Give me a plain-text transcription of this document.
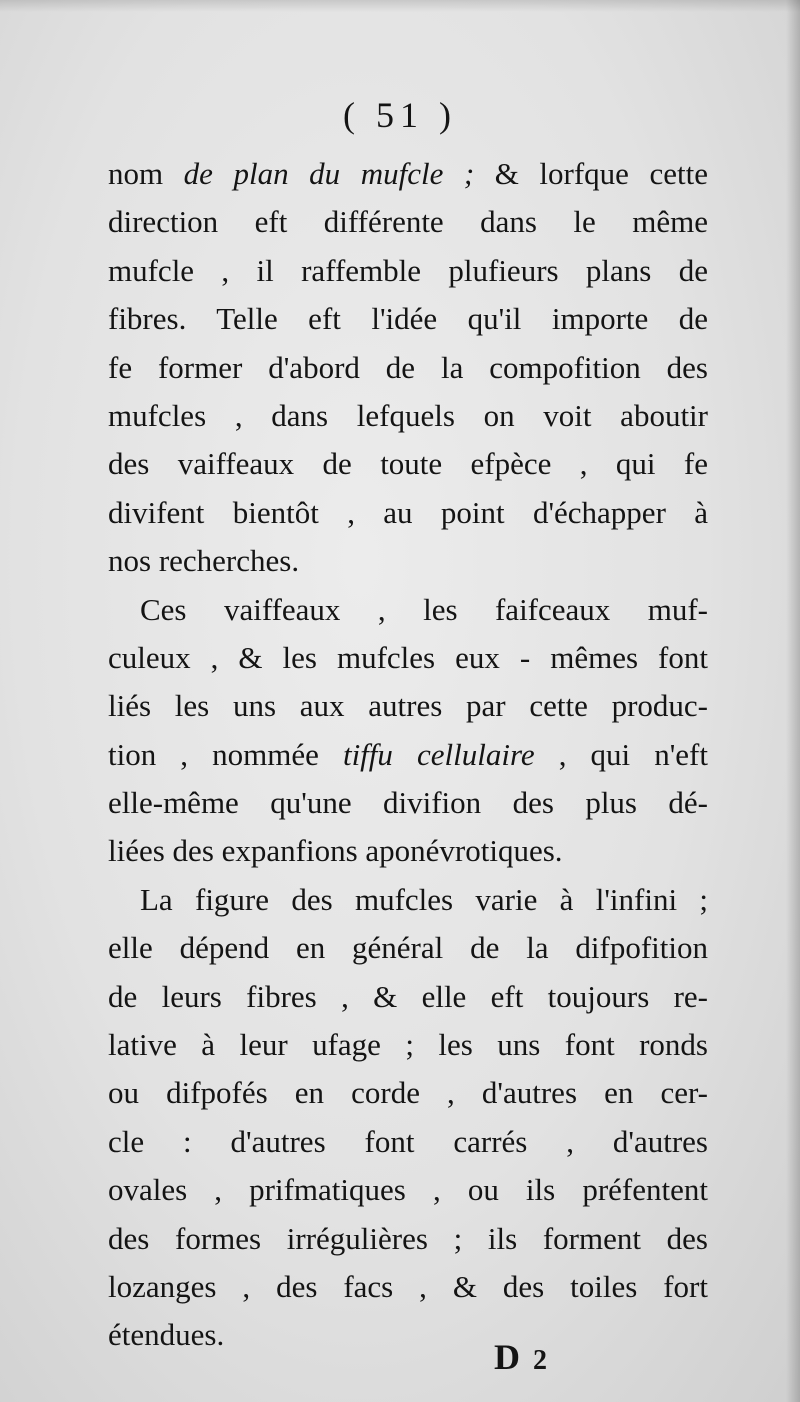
( 51 )
nom de plan du mufcle ; & lorfque cette
direction eft différente dans le même
mufcle , il raffemble plufieurs plans de
fibres. Telle eft l'idée qu'il importe de
fe former d'abord de la compofition des
mufcles , dans lefquels on voit aboutir
des vaiffeaux de toute efpèce , qui fe
divifent bientôt , au point d'échapper à
nos recherches.
Ces vaiffeaux , les faifceaux muf-
culeux , & les mufcles eux - mêmes font
liés les uns aux autres par cette produc-
tion , nommée tiffu cellulaire , qui n'eft
elle-même qu'une divifion des plus dé-
liées des expanfions aponévrotiques.
La figure des mufcles varie à l'infini ;
elle dépend en général de la difpofition
de leurs fibres , & elle eft toujours re-
lative à leur ufage ; les uns font ronds
ou difpofés en corde , d'autres en cer-
cle : d'autres font carrés , d'autres
ovales , prifmatiques , ou ils préfentent
des formes irrégulières ; ils forment des
lozanges , des facs , & des toiles fort
étendues.
D 2
